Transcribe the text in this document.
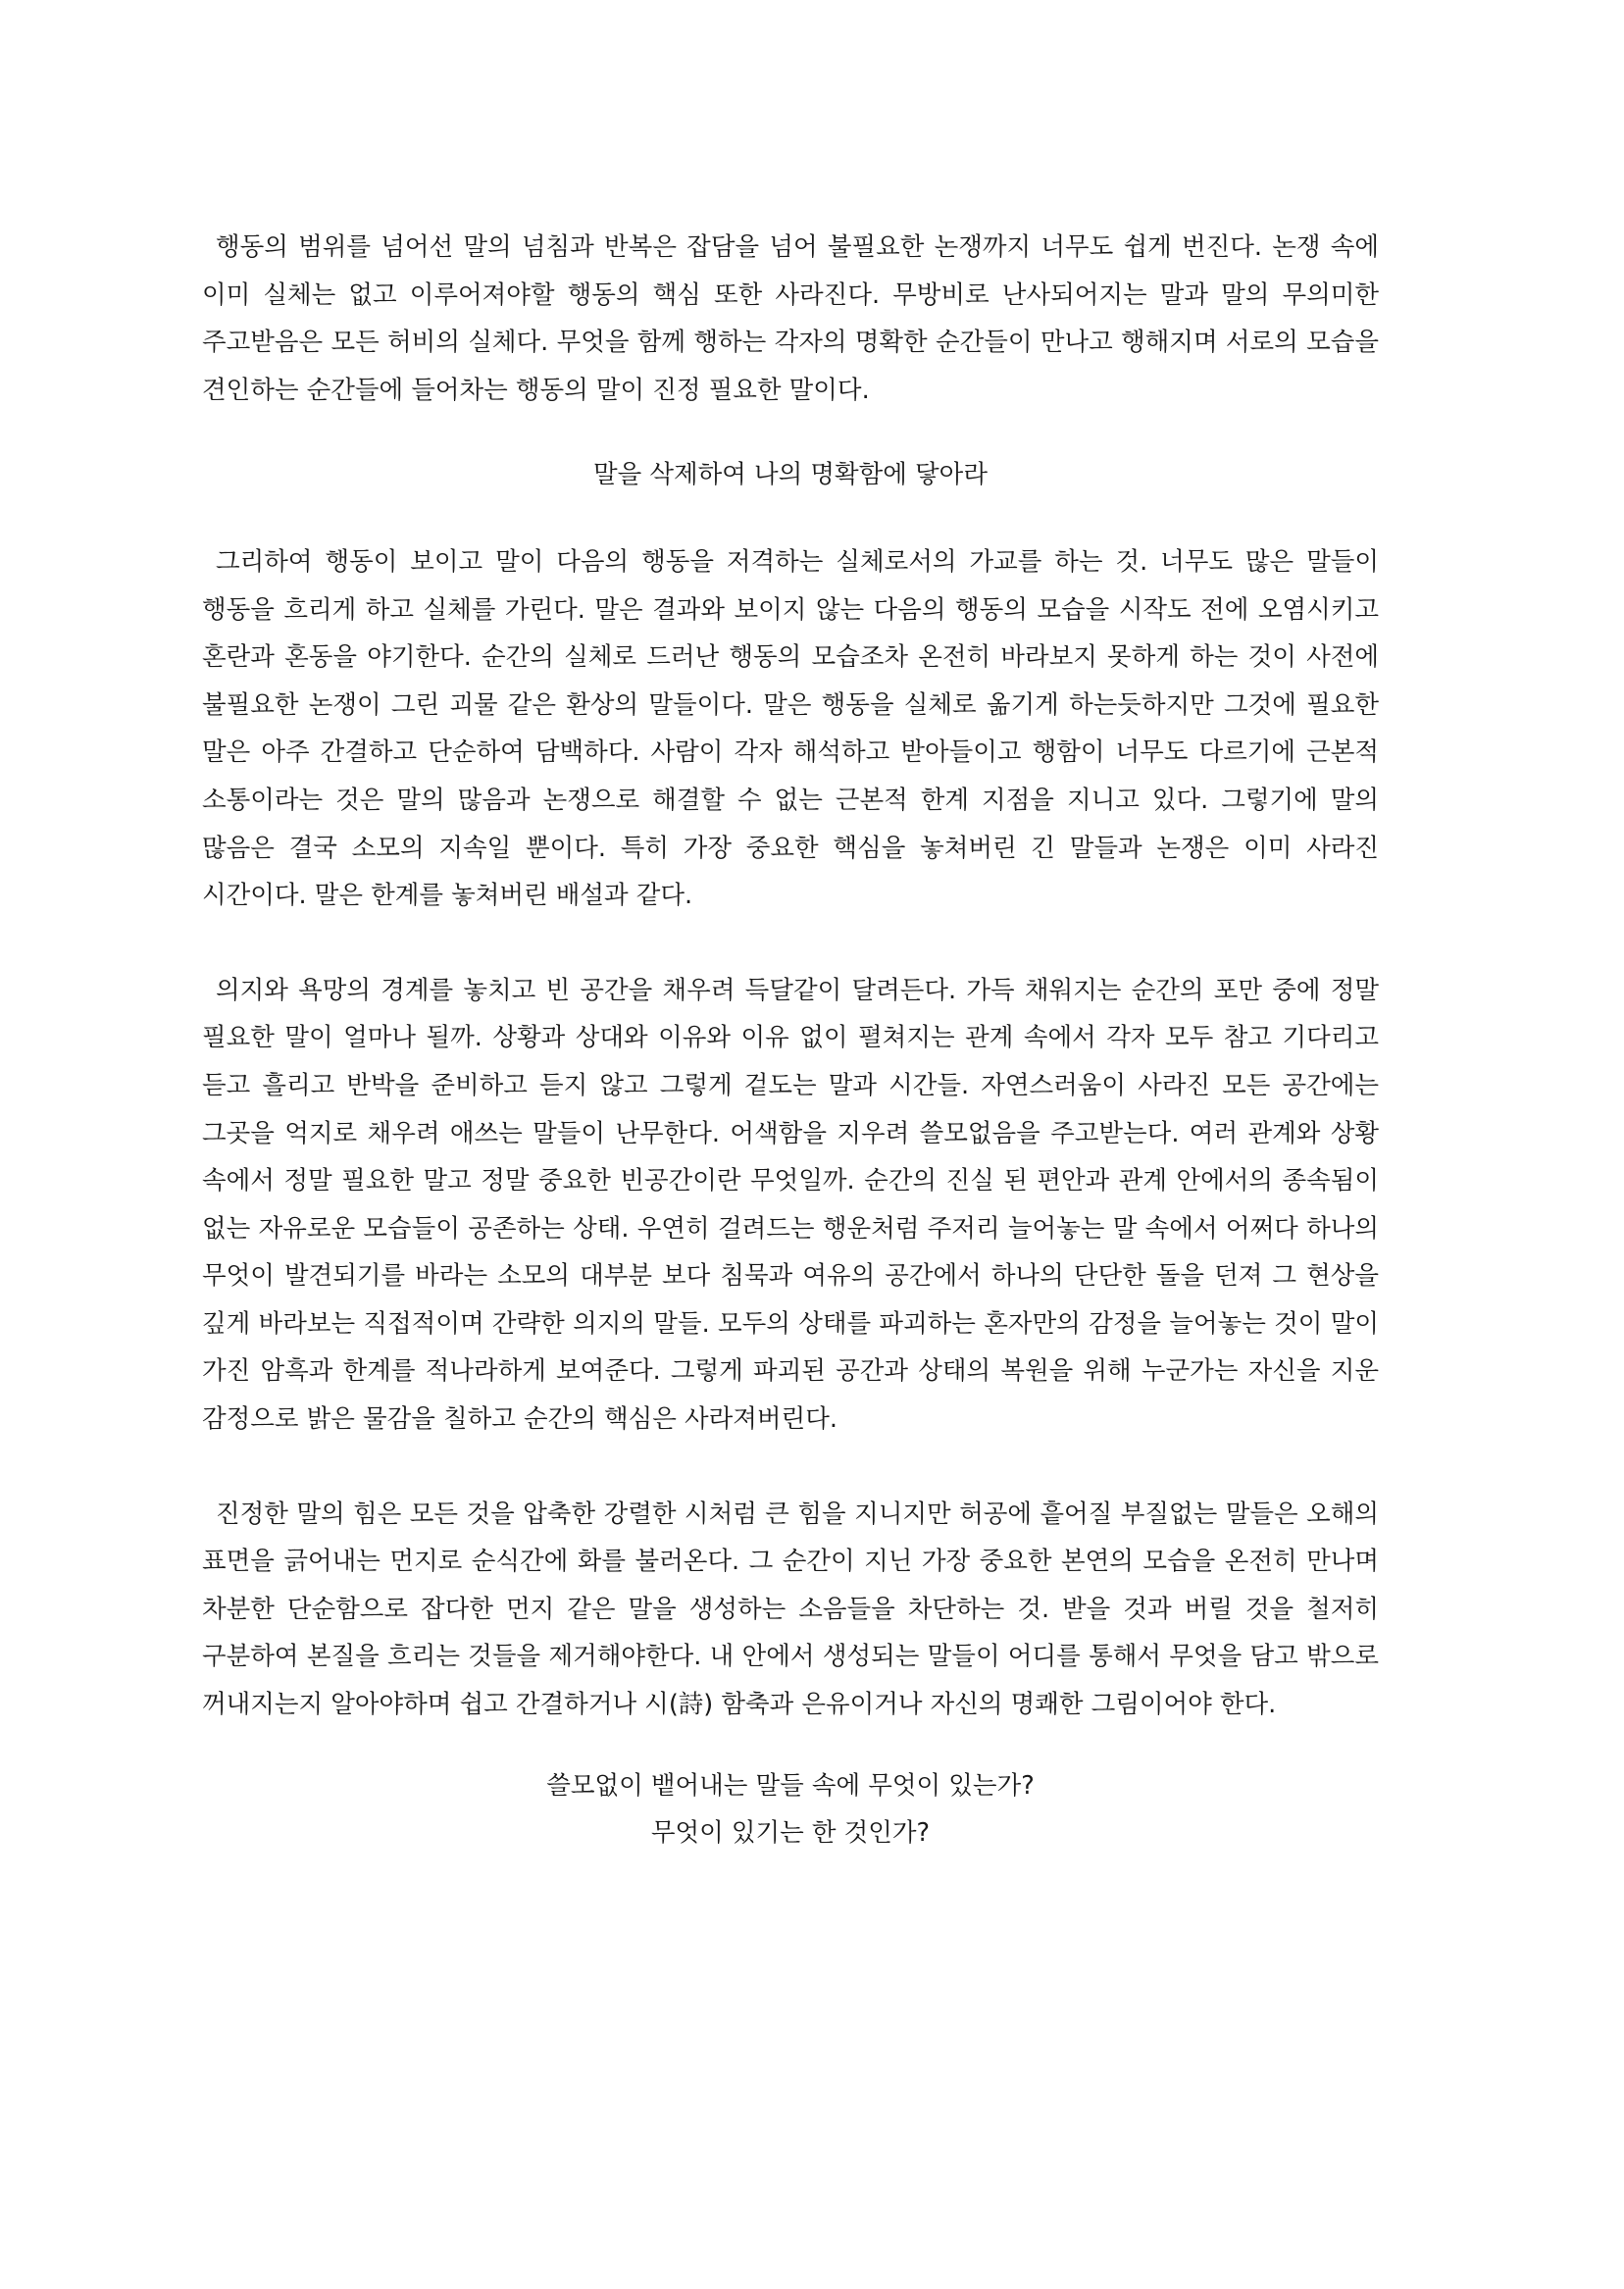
행동의 범위를 넘어선 말의 넘침과 반복은 잡담을 넘어 불필요한 논쟁까지 너무도 쉽게 번진다. 논쟁 속에 이미 실체는 없고 이루어져야할 행동의 핵심 또한 사라진다. 무방비로 난사되어지는 말과 말의 무의미한 주고받음은 모든 허비의 실체다. 무엇을 함께 행하는 각자의 명확한 순간들이 만나고 행해지며 서로의 모습을 견인하는 순간들에 들어차는 행동의 말이 진정 필요한 말이다.

말을 삭제하여 나의 명확함에 닿아라

그리하여 행동이 보이고 말이 다음의 행동을 저격하는 실체로서의 가교를 하는 것. 너무도 많은 말들이 행동을 흐리게 하고 실체를 가린다. 말은 결과와 보이지 않는 다음의 행동의 모습을 시작도 전에 오염시키고 혼란과 혼동을 야기한다. 순간의 실체로 드러난 행동의 모습조차 온전히 바라보지 못하게 하는 것이 사전에 불필요한 논쟁이 그린 괴물 같은 환상의 말들이다. 말은 행동을 실체로 옮기게 하는듯하지만 그것에 필요한 말은 아주 간결하고 단순하여 담백하다. 사람이 각자 해석하고 받아들이고 행함이 너무도 다르기에 근본적 소통이라는 것은 말의 많음과 논쟁으로 해결할 수 없는 근본적 한계 지점을 지니고 있다. 그렇기에 말의 많음은 결국 소모의 지속일 뿐이다. 특히 가장 중요한 핵심을 놓쳐버린 긴 말들과 논쟁은 이미 사라진 시간이다. 말은 한계를 놓쳐버린 배설과 같다.

의지와 욕망의 경계를 놓치고 빈 공간을 채우려 득달같이 달려든다. 가득 채워지는 순간의 포만 중에 정말 필요한 말이 얼마나 될까. 상황과 상대와 이유와 이유 없이 펼쳐지는 관계 속에서 각자 모두 참고 기다리고 듣고 흘리고 반박을 준비하고 듣지 않고 그렇게 겉도는 말과 시간들. 자연스러움이 사라진 모든 공간에는 그곳을 억지로 채우려 애쓰는 말들이 난무한다. 어색함을 지우려 쓸모없음을 주고받는다. 여러 관계와 상황 속에서 정말 필요한 말고 정말 중요한 빈공간이란 무엇일까. 순간의 진실 된 편안과 관계 안에서의 종속됨이 없는 자유로운 모습들이 공존하는 상태. 우연히 걸려드는 행운처럼 주저리 늘어놓는 말 속에서 어쩌다 하나의 무엇이 발견되기를 바라는 소모의 대부분 보다 침묵과 여유의 공간에서 하나의 단단한 돌을 던져 그 현상을 깊게 바라보는 직접적이며 간략한 의지의 말들. 모두의 상태를 파괴하는 혼자만의 감정을 늘어놓는 것이 말이 가진 암흑과 한계를 적나라하게 보여준다. 그렇게 파괴된 공간과 상태의 복원을 위해 누군가는 자신을 지운 감정으로 밝은 물감을 칠하고 순간의 핵심은 사라져버린다.

진정한 말의 힘은 모든 것을 압축한 강렬한 시처럼 큰 힘을 지니지만 허공에 흩어질 부질없는 말들은 오해의 표면을 긁어내는 먼지로 순식간에 화를 불러온다. 그 순간이 지닌 가장 중요한 본연의 모습을 온전히 만나며 차분한 단순함으로 잡다한 먼지 같은 말을 생성하는 소음들을 차단하는 것. 받을 것과 버릴 것을 철저히 구분하여 본질을 흐리는 것들을 제거해야한다. 내 안에서 생성되는 말들이 어디를 통해서 무엇을 담고 밖으로 꺼내지는지 알아야하며 쉽고 간결하거나 시(詩) 함축과 은유이거나 자신의 명쾌한 그림이어야 한다.

쓸모없이 뱉어내는 말들 속에 무엇이 있는가?

무엇이 있기는 한 것인가?
